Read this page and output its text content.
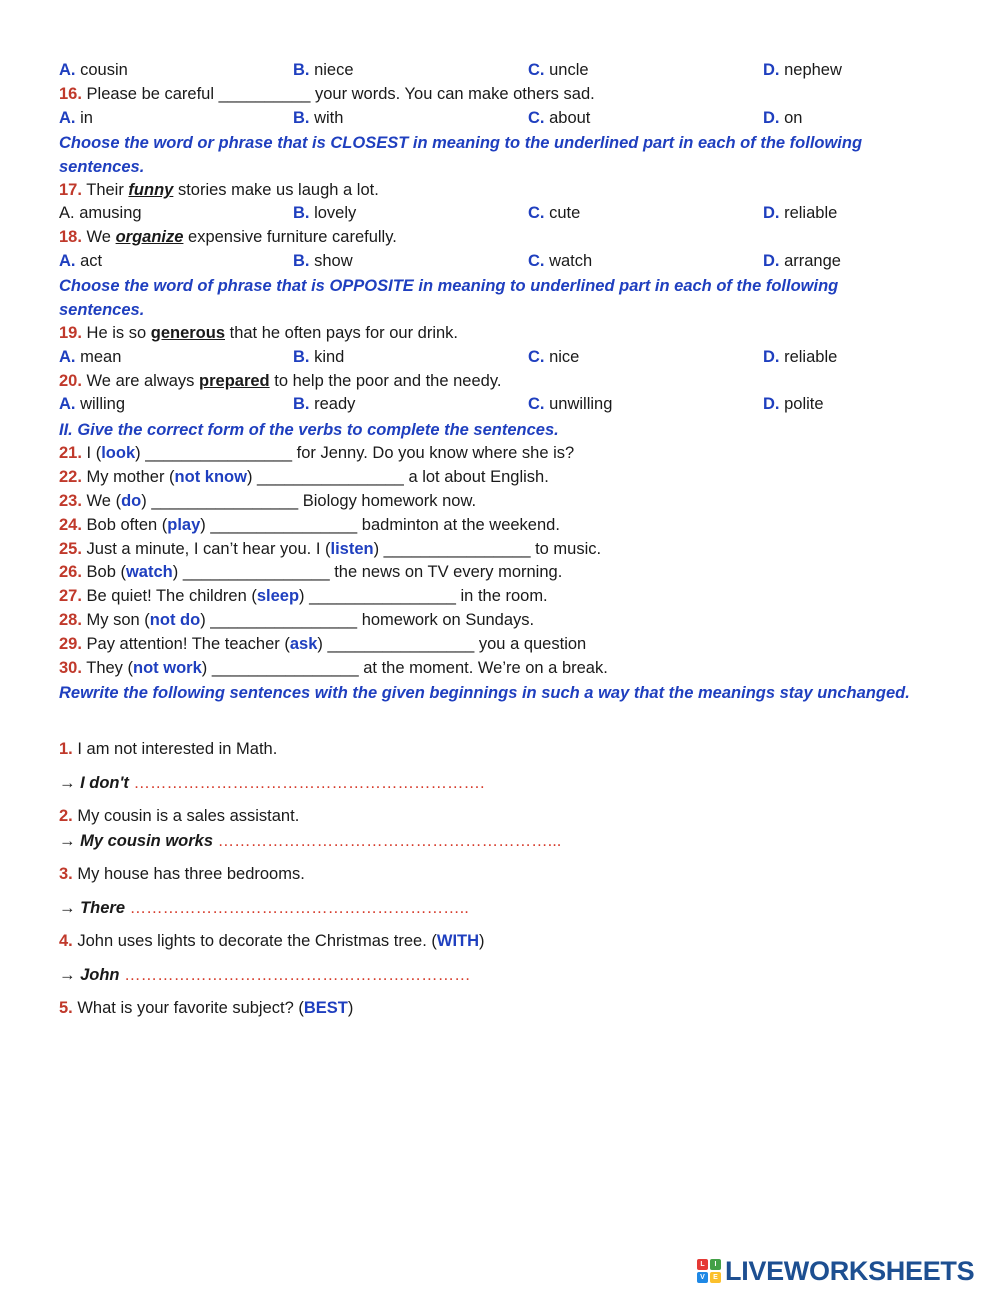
A. cousin	B. niece	C. uncle	D. nephew
16. Please be careful __________ your words. You can make others sad.
A. in	B. with	C. about	D. on
Choose the word or phrase that is CLOSEST in meaning to the underlined part in each of the following sentences.
17. Their funny stories make us laugh a lot.
A. amusing	B. lovely	C. cute	D. reliable
18. We organize expensive furniture carefully.
A. act	B. show	C. watch	D. arrange
Choose the word of phrase that is OPPOSITE in meaning to underlined part in each of the following sentences.
19. He is so generous that he often pays for our drink.
A. mean	B. kind	C. nice	D. reliable
20. We are always prepared to help the poor and the needy.
A. willing	B. ready	C. unwilling	D. polite
II. Give the correct form of the verbs to complete the sentences.
21. I (look) ________________ for Jenny. Do you know where she is?
22. My mother (not know) ________________ a lot about English.
23. We (do) ________________ Biology homework now.
24. Bob often (play) ________________ badminton at the weekend.
25. Just a minute, I can’t hear you. I (listen) ________________ to music.
26. Bob (watch) ________________ the news on TV every morning.
27. Be quiet! The children (sleep) ________________ in the room.
28. My son (not do) ________________ homework on Sundays.
29. Pay attention! The teacher (ask) ________________ you a question
30. They (not work) ________________ at the moment. We’re on a break.
Rewrite the following sentences with the given beginnings in such a way that the meanings stay unchanged.
1. I am not interested in Math.
→ I don't ……………………………………………………….
2. My cousin is a sales assistant.
→ My cousin works ……………………………………………………...
3. My house has three bedrooms.
→ There ……………………………………………………..
4. John uses lights to decorate the Christmas tree. (WITH)
→ John ………………………………………………………
5. What is your favorite subject? (BEST)
L	I
V	E LIVEWORKSHEETS
